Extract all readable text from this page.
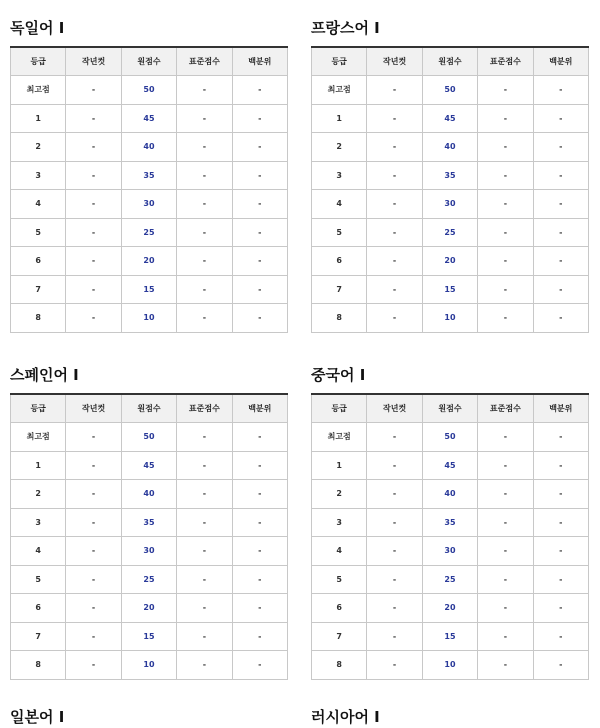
독일어 I
등급	작년컷	원점수	표준점수	백분위
최고점	-	50	-	-
1	-	45	-	-
2	-	40	-	-
3	-	35	-	-
4	-	30	-	-
5	-	25	-	-
6	-	20	-	-
7	-	15	-	-
8	-	10	-	-
프랑스어 I
등급	작년컷	원점수	표준점수	백분위
최고점	-	50	-	-
1	-	45	-	-
2	-	40	-	-
3	-	35	-	-
4	-	30	-	-
5	-	25	-	-
6	-	20	-	-
7	-	15	-	-
8	-	10	-	-
스페인어 I
등급	작년컷	원점수	표준점수	백분위
최고점	-	50	-	-
1	-	45	-	-
2	-	40	-	-
3	-	35	-	-
4	-	30	-	-
5	-	25	-	-
6	-	20	-	-
7	-	15	-	-
8	-	10	-	-
중국어 I
등급	작년컷	원점수	표준점수	백분위
최고점	-	50	-	-
1	-	45	-	-
2	-	40	-	-
3	-	35	-	-
4	-	30	-	-
5	-	25	-	-
6	-	20	-	-
7	-	15	-	-
8	-	10	-	-
일본어 I	러시아어 I
